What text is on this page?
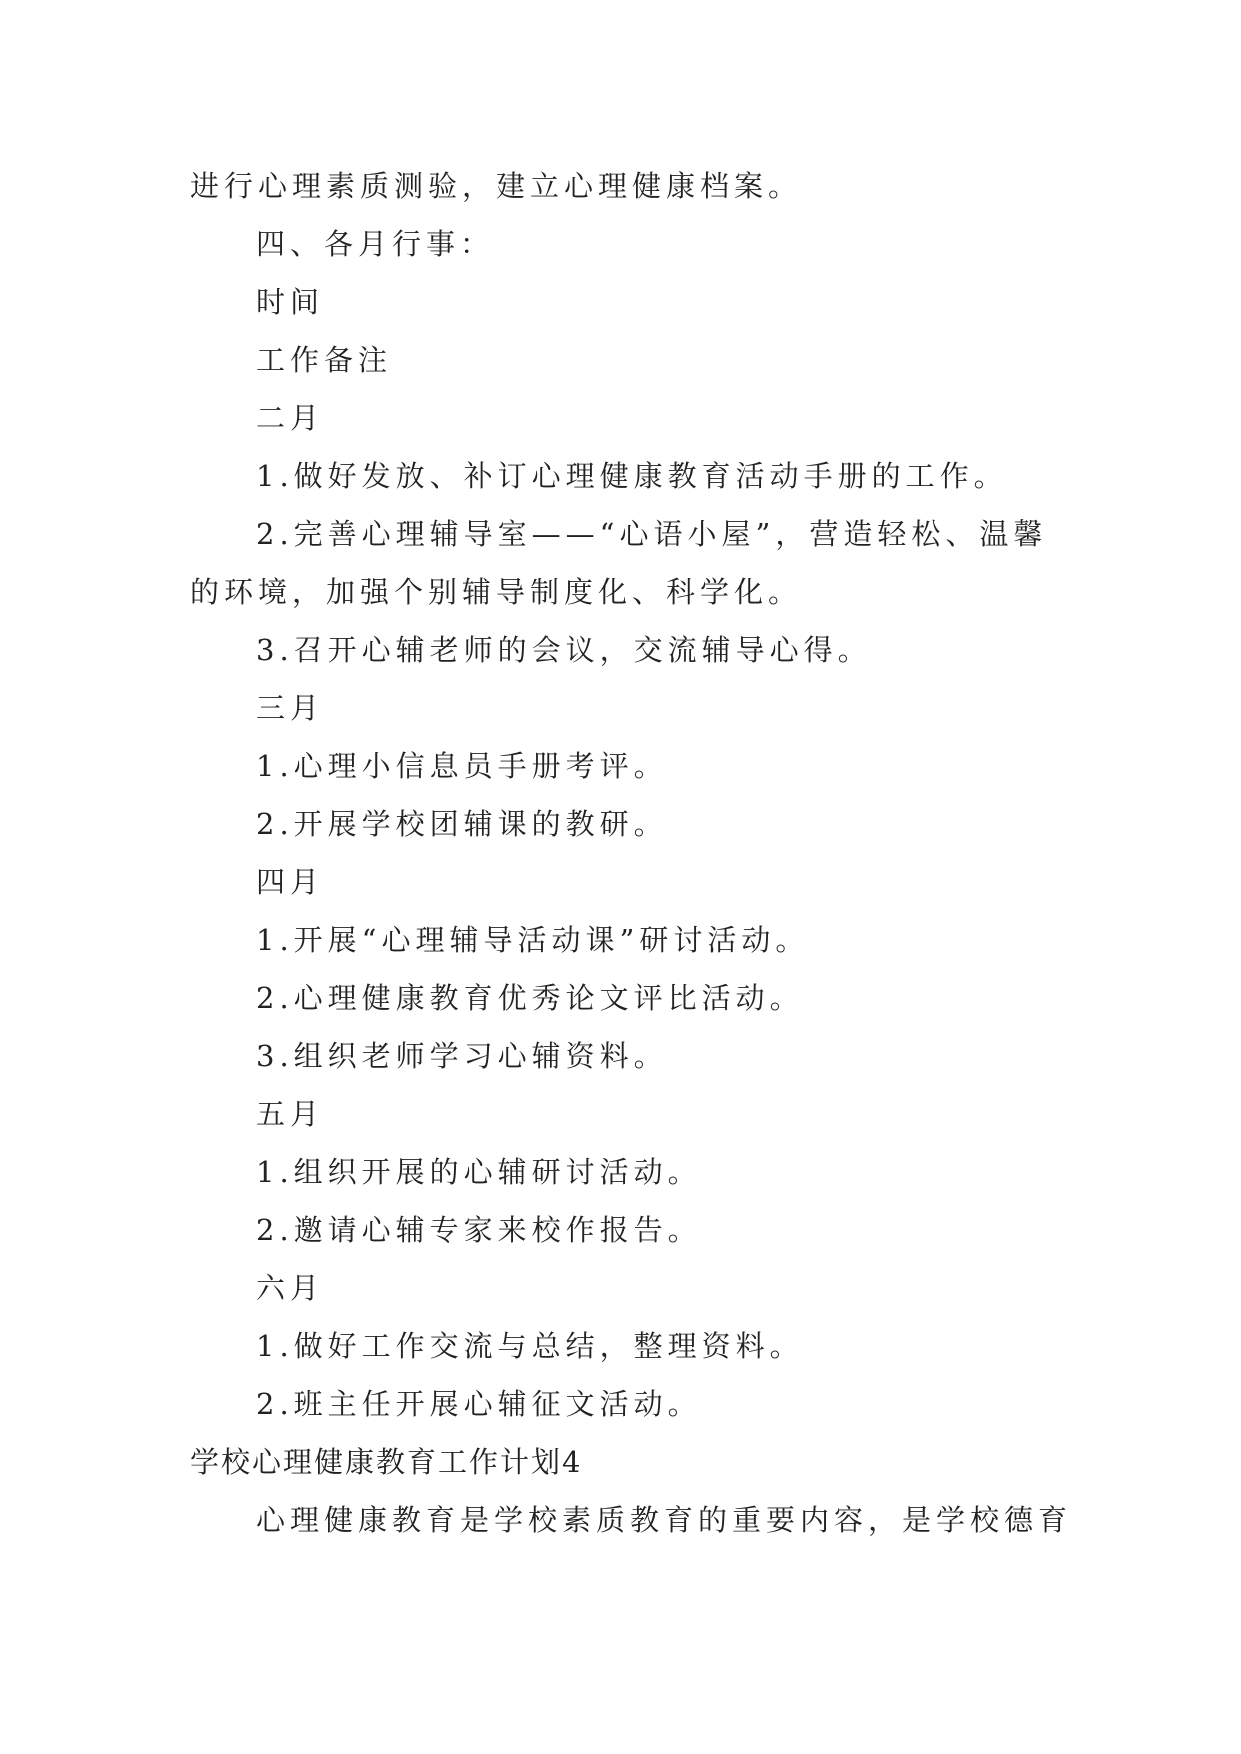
进行心理素质测验，建立心理健康档案。
四、各月行事：
时间
工作备注
二月
1.做好发放、补订心理健康教育活动手册的工作。
2.完善心理辅导室——“心语小屋”，营造轻松、温馨
的环境，加强个别辅导制度化、科学化。
3.召开心辅老师的会议，交流辅导心得。
三月
1.心理小信息员手册考评。
2.开展学校团辅课的教研。
四月
1.开展“心理辅导活动课”研讨活动。
2.心理健康教育优秀论文评比活动。
3.组织老师学习心辅资料。
五月
1.组织开展的心辅研讨活动。
2.邀请心辅专家来校作报告。
六月
1.做好工作交流与总结，整理资料。
2.班主任开展心辅征文活动。
学校心理健康教育工作计划4
心理健康教育是学校素质教育的重要内容，是学校德育
